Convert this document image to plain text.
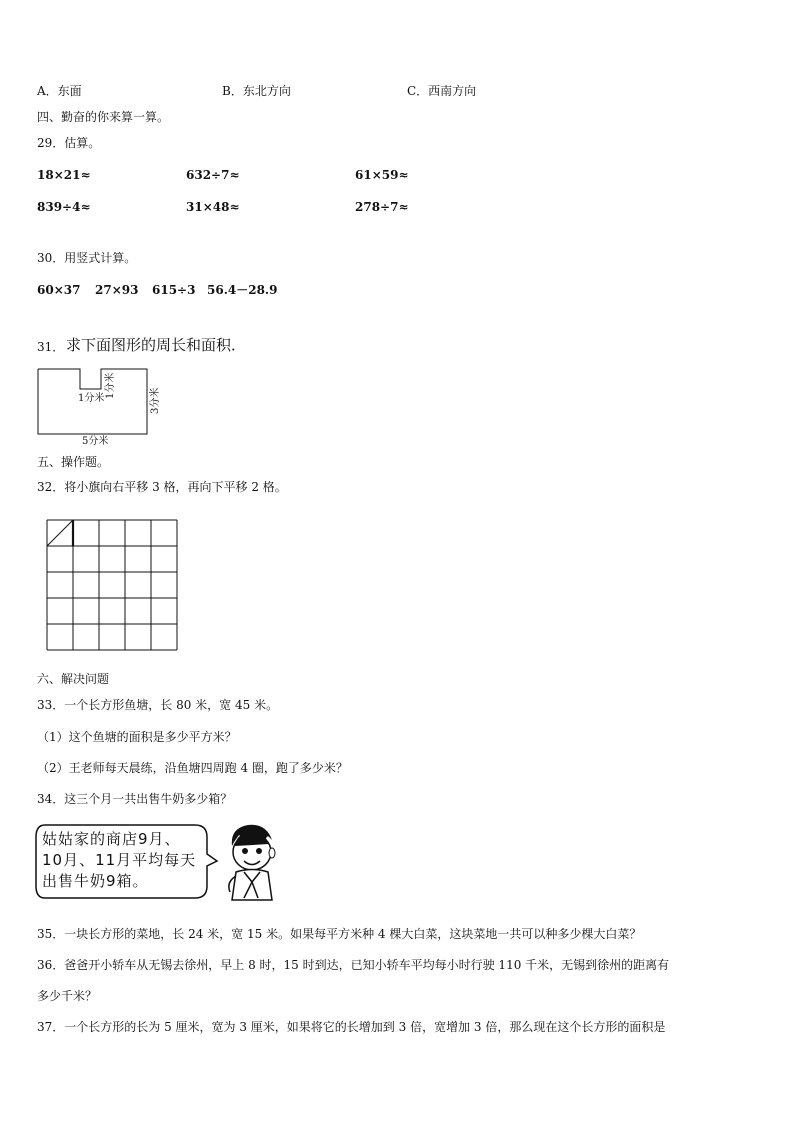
A．东面	B．东北方向	C．西南方向
四、勤奋的你来算一算。
29．估算。
18×21≈	632÷7≈	61×59≈
839÷4≈	31×48≈	278÷7≈
30．用竖式计算。
60×37 27×93 615÷3 56.4－28.9
31． 求下面图形的周长和面积．
1分米 1分米
3分米
5分米
五、操作题。
32．将小旗向右平移 3 格，再向下平移 2 格。
六、解决问题
33．一个长方形鱼塘，长 80 米，宽 45 米。
（1）这个鱼塘的面积是多少平方米？
（2）王老师每天晨练，沿鱼塘四周跑 4 圈，跑了多少米？
34．这三个月一共出售牛奶多少箱？
姑姑家的商店9月、
10月、11月平均每天
出售牛奶9箱。
35．一块长方形的菜地，长 24 米，宽 15 米。如果每平方米种 4 棵大白菜，这块菜地一共可以种多少棵大白菜？
36．爸爸开小轿车从无锡去徐州，早上 8 时，15 时到达，已知小轿车平均每小时行驶 110 千米，无锡到徐州的距离有
多少千米？
37．一个长方形的长为 5 厘米，宽为 3 厘米，如果将它的长增加到 3 倍，宽增加 3 倍，那么现在这个长方形的面积是
